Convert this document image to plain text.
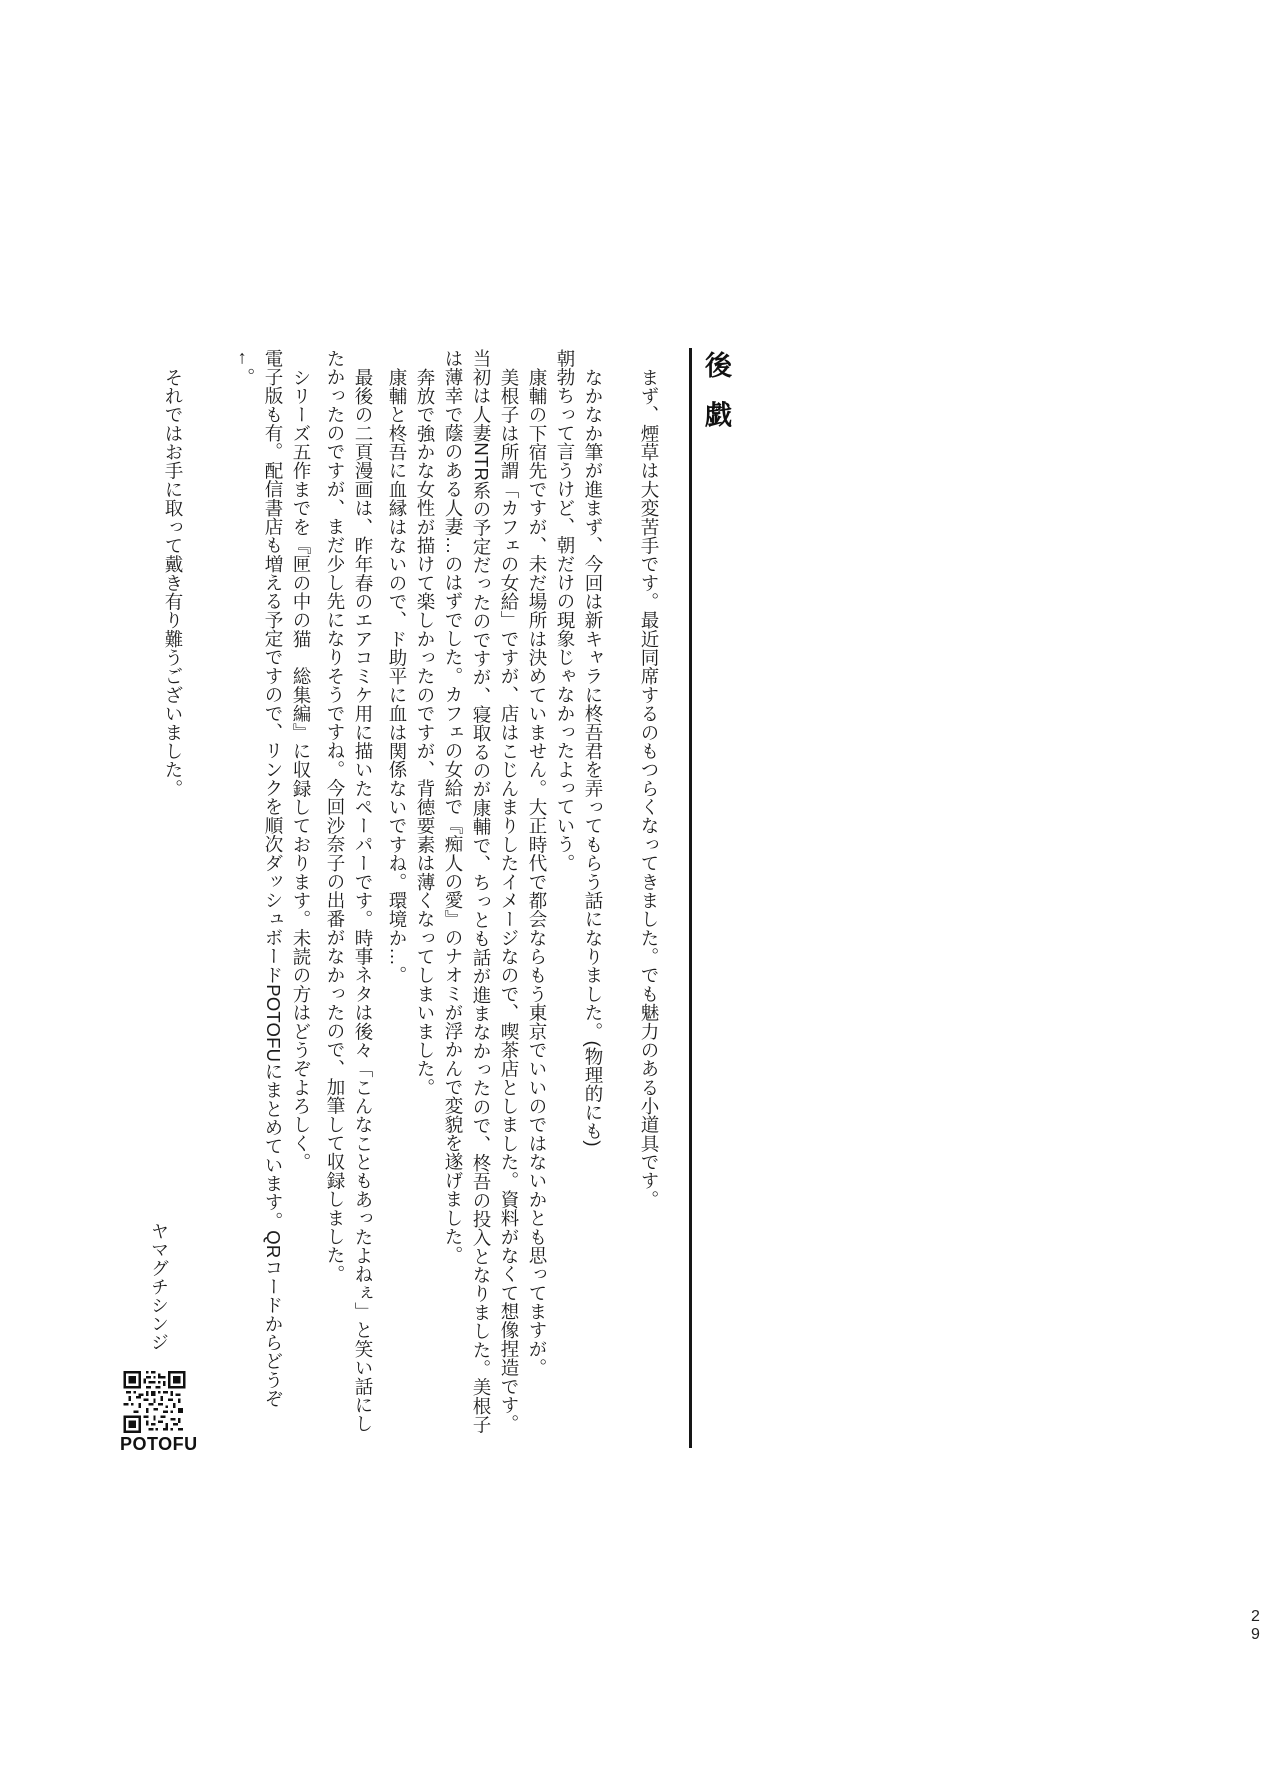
後戯

まず、煙草は大変苦手です。最近同席するのもつらくなってきました。でも魅力のある小道具です。

なかなか筆が進まず、今回は新キャラに柊吾君を弄ってもらう話になりました。(物理的にも)

朝勃ちって言うけど、朝だけの現象じゃなかったよっていう。

康輔の下宿先ですが、未だ場所は決めていません。大正時代で都会ならもう東京でいいのではないかとも思ってますが。

美根子は所謂「カフェの女給」ですが、店はこじんまりしたイメージなので、喫茶店としました。資料がなくて想像捏造です。

当初は人妻NTR系の予定だったのですが、寝取るのが康輔で、ちっとも話が進まなかったので、柊吾の投入となりました。美根子は薄幸で蔭のある人妻…のはずでした。カフェの女給で『痴人の愛』のナオミが浮かんで変貌を遂げました。

奔放で強かな女性が描けて楽しかったのですが、背徳要素は薄くなってしまいました。

康輔と柊吾に血縁はないので、ド助平に血は関係ないですね。環境か…。

最後の二頁漫画は、昨年春のエアコミケ用に描いたペーパーです。時事ネタは後々「こんなこともあったよねぇ」と笑い話にしたかったのですが、まだ少し先になりそうですね。今回沙奈子の出番がなかったので、加筆して収録しました。

シリーズ五作までを『匣の中の猫　総集編』に収録しております。未読の方はどうぞよろしく。

電子版も有。配信書店も増える予定ですので、リンクを順次ダッシュボードPOTOFUにまとめています。QRコードからどうぞ←。

それではお手に取って戴き有り難うございました。

ヤマグチシンジ
POTOFU
29
